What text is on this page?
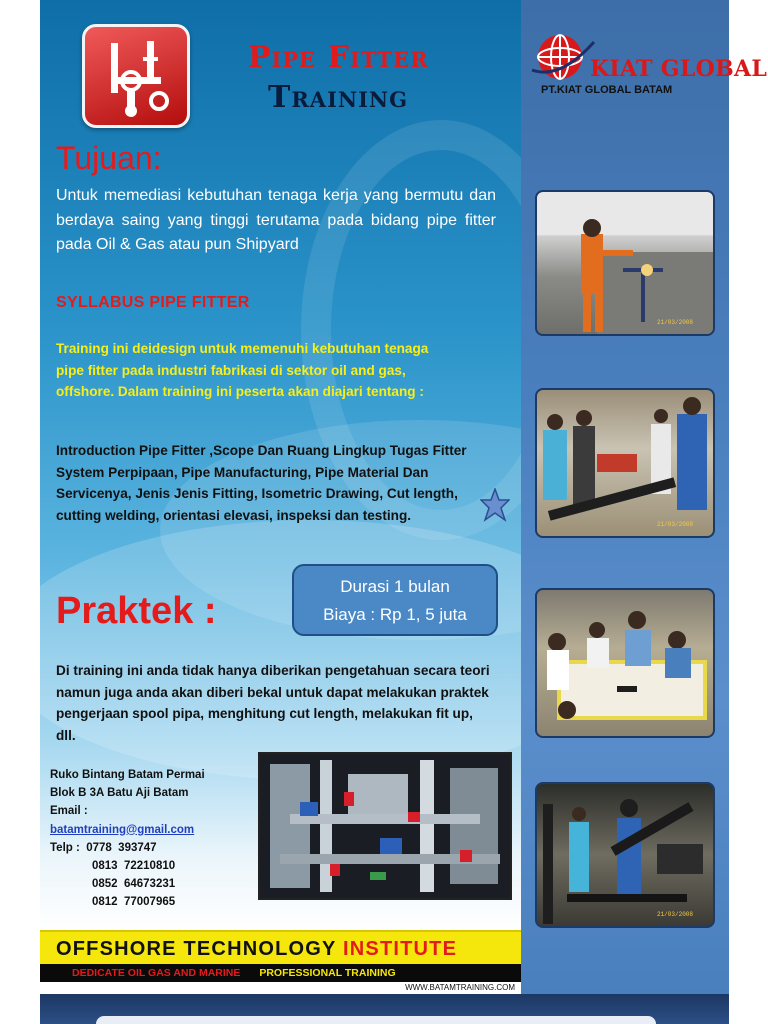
Pipe Fitter
Training
Tujuan:
Untuk memediasi kebutuhan tenaga kerja yang bermutu dan berdaya saing yang tinggi terutama pada bidang pipe fitter pada Oil & Gas atau pun Shipyard
SYLLABUS PIPE FITTER
Training ini deidesign untuk memenuhi kebutuhan tenaga pipe fitter pada industri fabrikasi di sektor oil and gas, offshore. Dalam training ini peserta akan diajari tentang :
Introduction Pipe Fitter ,Scope Dan Ruang Lingkup Tugas Fitter
System Perpipaan, Pipe Manufacturing, Pipe Material Dan Servicenya, Jenis Jenis Fitting, Isometric Drawing, Cut length, cutting welding, orientasi elevasi, inspeksi dan testing.
Durasi 1 bulan
Biaya : Rp 1, 5 juta
Praktek :
Di training ini anda tidak hanya diberikan pengetahuan secara teori namun juga anda akan diberi bekal untuk dapat melakukan praktek pengerjaan spool pipa, menghitung cut length, melakukan fit up, dll.
Ruko Bintang Batam Permai
Blok B 3A Batu Aji Batam
Email :
batamtraining@gmail.com
Telp : 0778  393747
0813  72210810
0852  64673231
0812  77007965
OFFSHORE TECHNOLOGY INSTITUTE
DEDICATE OIL GAS AND MARINE PROFESSIONAL TRAINING
WWW.BATAMTRAINING.COM
KIAT GLOBAL
PT.KIAT GLOBAL BATAM
21/03/2008
21/03/2008
21/03/2008
